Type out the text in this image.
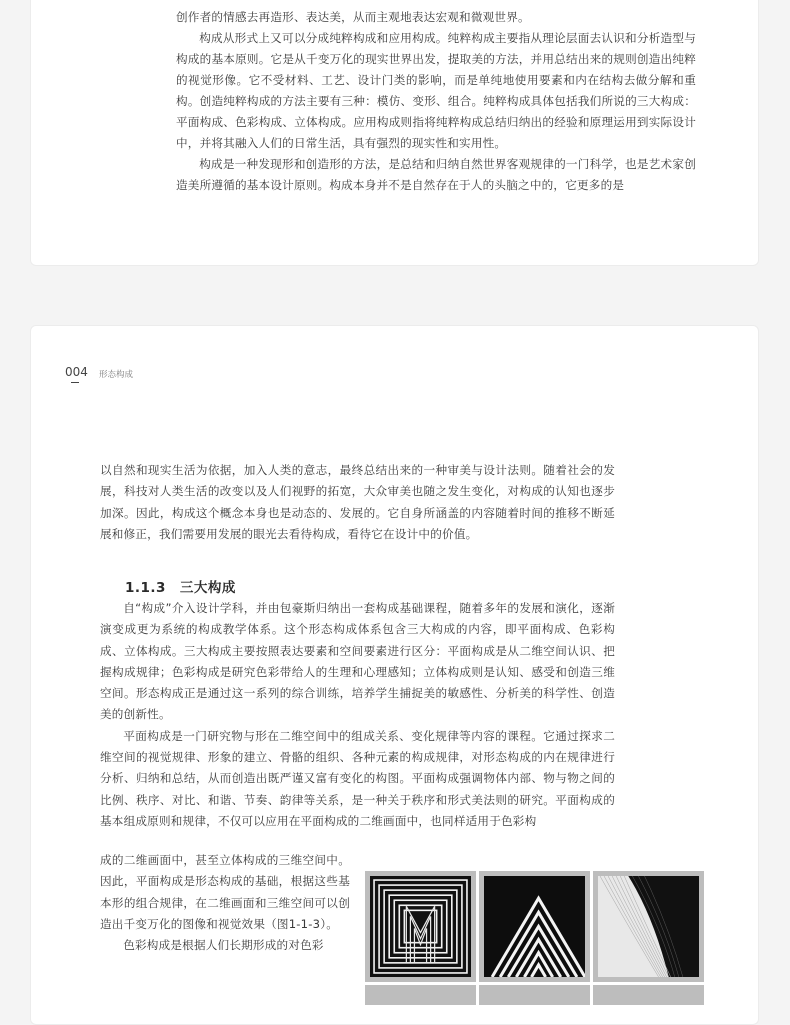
创作者的情感去再造形、表达美，从而主观地表达宏观和微观世界。

构成从形式上又可以分成纯粹构成和应用构成。纯粹构成主要指从理论层面去认识和分析造型与构成的基本原则。它是从千变万化的现实世界出发，提取美的方法，并用总结出来的规则创造出纯粹的视觉形像。它不受材料、工艺、设计门类的影响，而是单纯地使用要素和内在结构去做分解和重构。创造纯粹构成的方法主要有三种：模仿、变形、组合。纯粹构成具体包括我们所说的三大构成：平面构成、色彩构成、立体构成。应用构成则指将纯粹构成总结归纳出的经验和原理运用到实际设计中，并将其融入人们的日常生活，具有强烈的现实性和实用性。

构成是一种发现形和创造形的方法，是总结和归纳自然世界客观规律的一门科学，也是艺术家创造美所遵循的基本设计原则。构成本身并不是自然存在于人的头脑之中的，它更多的是

004 形态构成

以自然和现实生活为依据，加入人类的意志，最终总结出来的一种审美与设计法则。随着社会的发展，科技对人类生活的改变以及人们视野的拓宽，大众审美也随之发生变化，对构成的认知也逐步加深。因此，构成这个概念本身也是动态的、发展的。它自身所涵盖的内容随着时间的推移不断延展和修正，我们需要用发展的眼光去看待构成，看待它在设计中的价值。

1.1.3　三大构成

自“构成”介入设计学科，并由包豪斯归纳出一套构成基础课程，随着多年的发展和演化，逐渐演变成更为系统的构成教学体系。这个形态构成体系包含三大构成的内容，即平面构成、色彩构成、立体构成。三大构成主要按照表达要素和空间要素进行区分：平面构成是从二维空间认识、把握构成规律；色彩构成是研究色彩带给人的生理和心理感知；立体构成则是认知、感受和创造三维空间。形态构成正是通过这一系列的综合训练，培养学生捕捉美的敏感性、分析美的科学性、创造美的创新性。

平面构成是一门研究物与形在二维空间中的组成关系、变化规律等内容的课程。它通过探求二维空间的视觉规律、形象的建立、骨骼的组织、各种元素的构成规律，对形态构成的内在规律进行分析、归纳和总结，从而创造出既严谨又富有变化的构图。平面构成强调物体内部、物与物之间的比例、秩序、对比、和谐、节奏、韵律等关系，是一种关于秩序和形式美法则的研究。平面构成的基本组成原则和规律，不仅可以应用在平面构成的二维画面中，也同样适用于色彩构

成的二维画面中，甚至立体构成的三维空间中。因此，平面构成是形态构成的基础，根据这些基本形的组合规律，在二维画面和三维空间可以创造出千变万化的图像和视觉效果（图1-1-3）。

色彩构成是根据人们长期形成的对色彩
